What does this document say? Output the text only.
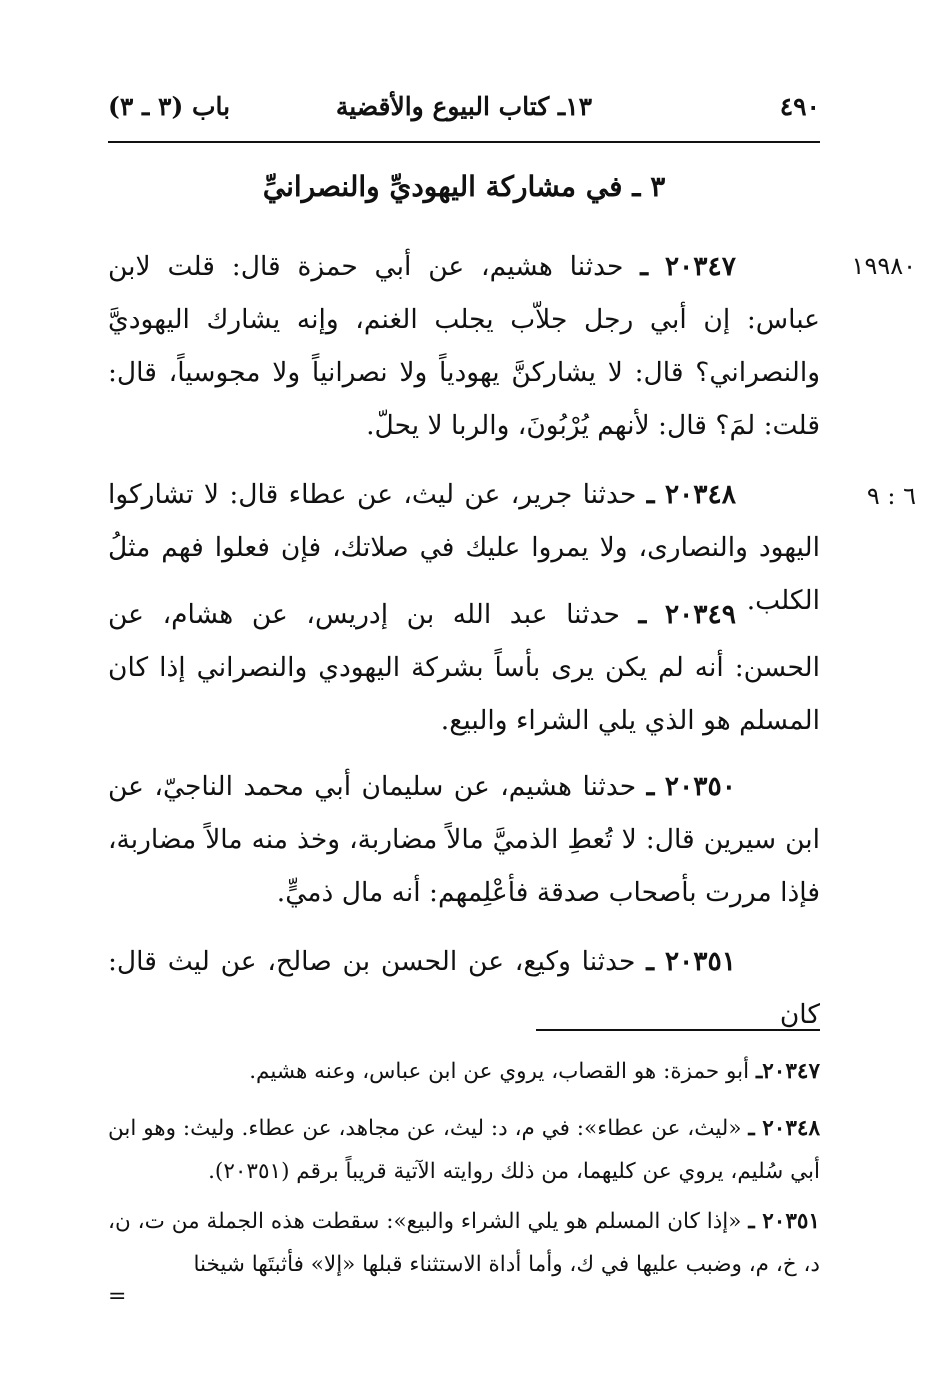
٤٩٠
١٣ـ كتاب البيوع والأقضية
باب (٣ ـ ٣)
٣ ـ في مشاركة اليهوديِّ والنصرانيِّ
١٩٩٨٠
٢٠٣٤٧ ـ حدثنا هشيم، عن أبي حمزة قال: قلت لابن عباس: إن أبي رجل جلاّب يجلب الغنم، وإنه يشارك اليهوديَّ والنصراني؟ قال: لا يشاركنَّ يهودياً ولا نصرانياً ولا مجوسياً، قال: قلت: لمَ؟ قال: لأنهم يُرْبُونَ، والربا لا يحلّ.
٦ : ٩
٢٠٣٤٨ ـ حدثنا جرير، عن ليث، عن عطاء قال: لا تشاركوا اليهود والنصارى، ولا يمروا عليك في صلاتك، فإن فعلوا فهم مثلُ الكلب.
٢٠٣٤٩ ـ حدثنا عبد الله بن إدريس، عن هشام، عن الحسن: أنه لم يكن يرى بأساً بشركة اليهودي والنصراني إذا كان المسلم هو الذي يلي الشراء والبيع.
٢٠٣٥٠ ـ حدثنا هشيم، عن سليمان أبي محمد الناجيّ، عن ابن سيرين قال: لا تُعطِ الذميَّ مالاً مضاربة، وخذ منه مالاً مضاربة، فإذا مررت بأصحاب صدقة فأعْلِمهم: أنه مال ذميٍّ.
٢٠٣٥١ ـ حدثنا وكيع، عن الحسن بن صالح، عن ليث قال: كان
٢٠٣٤٧ـ أبو حمزة: هو القصاب، يروي عن ابن عباس، وعنه هشيم.
٢٠٣٤٨ ـ «ليث، عن عطاء»: في م، د: ليث، عن مجاهد، عن عطاء. وليث: وهو ابن أبي سُليم، يروي عن كليهما، من ذلك روايته الآتية قريباً برقم (٢٠٣٥١).
٢٠٣٥١ ـ «إذا كان المسلم هو يلي الشراء والبيع»: سقطت هذه الجملة من ت، ن، د، خ، م، وضبب عليها في ك، وأما أداة الاستثناء قبلها «إلا» فأثبتَها شيخنا
=
